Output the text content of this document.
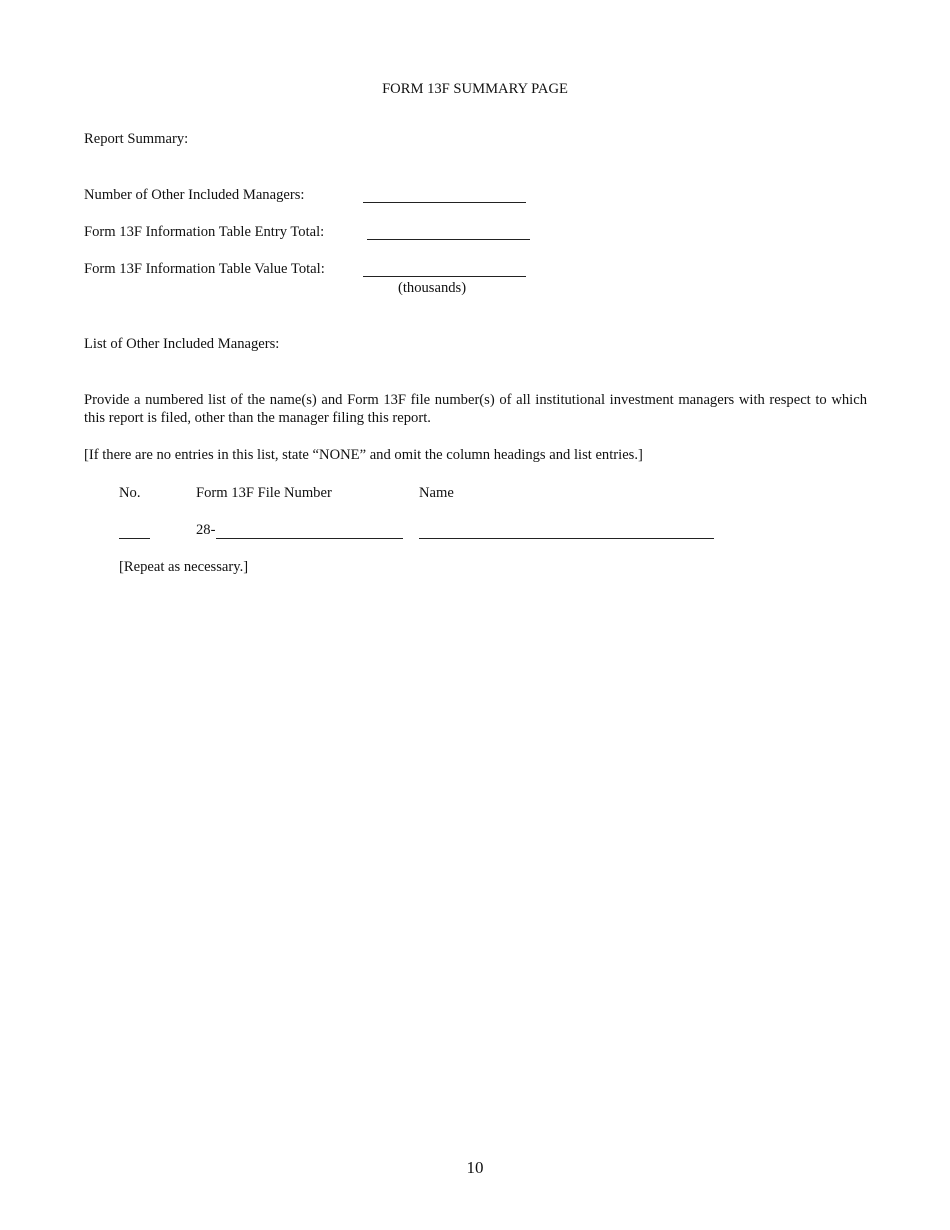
FORM 13F SUMMARY PAGE
Report Summary:
Number of Other Included Managers:
Form 13F Information Table Entry Total:
Form 13F Information Table Value Total:
(thousands)
List of Other Included Managers:
Provide a numbered list of the name(s) and Form 13F file number(s) of all institutional investment managers with respect to which this report is filed, other than the manager filing this report.
[If there are no entries in this list, state “NONE” and omit the column headings and list entries.]
No.	Form 13F File Number	Name
28-
[Repeat as necessary.]
10
